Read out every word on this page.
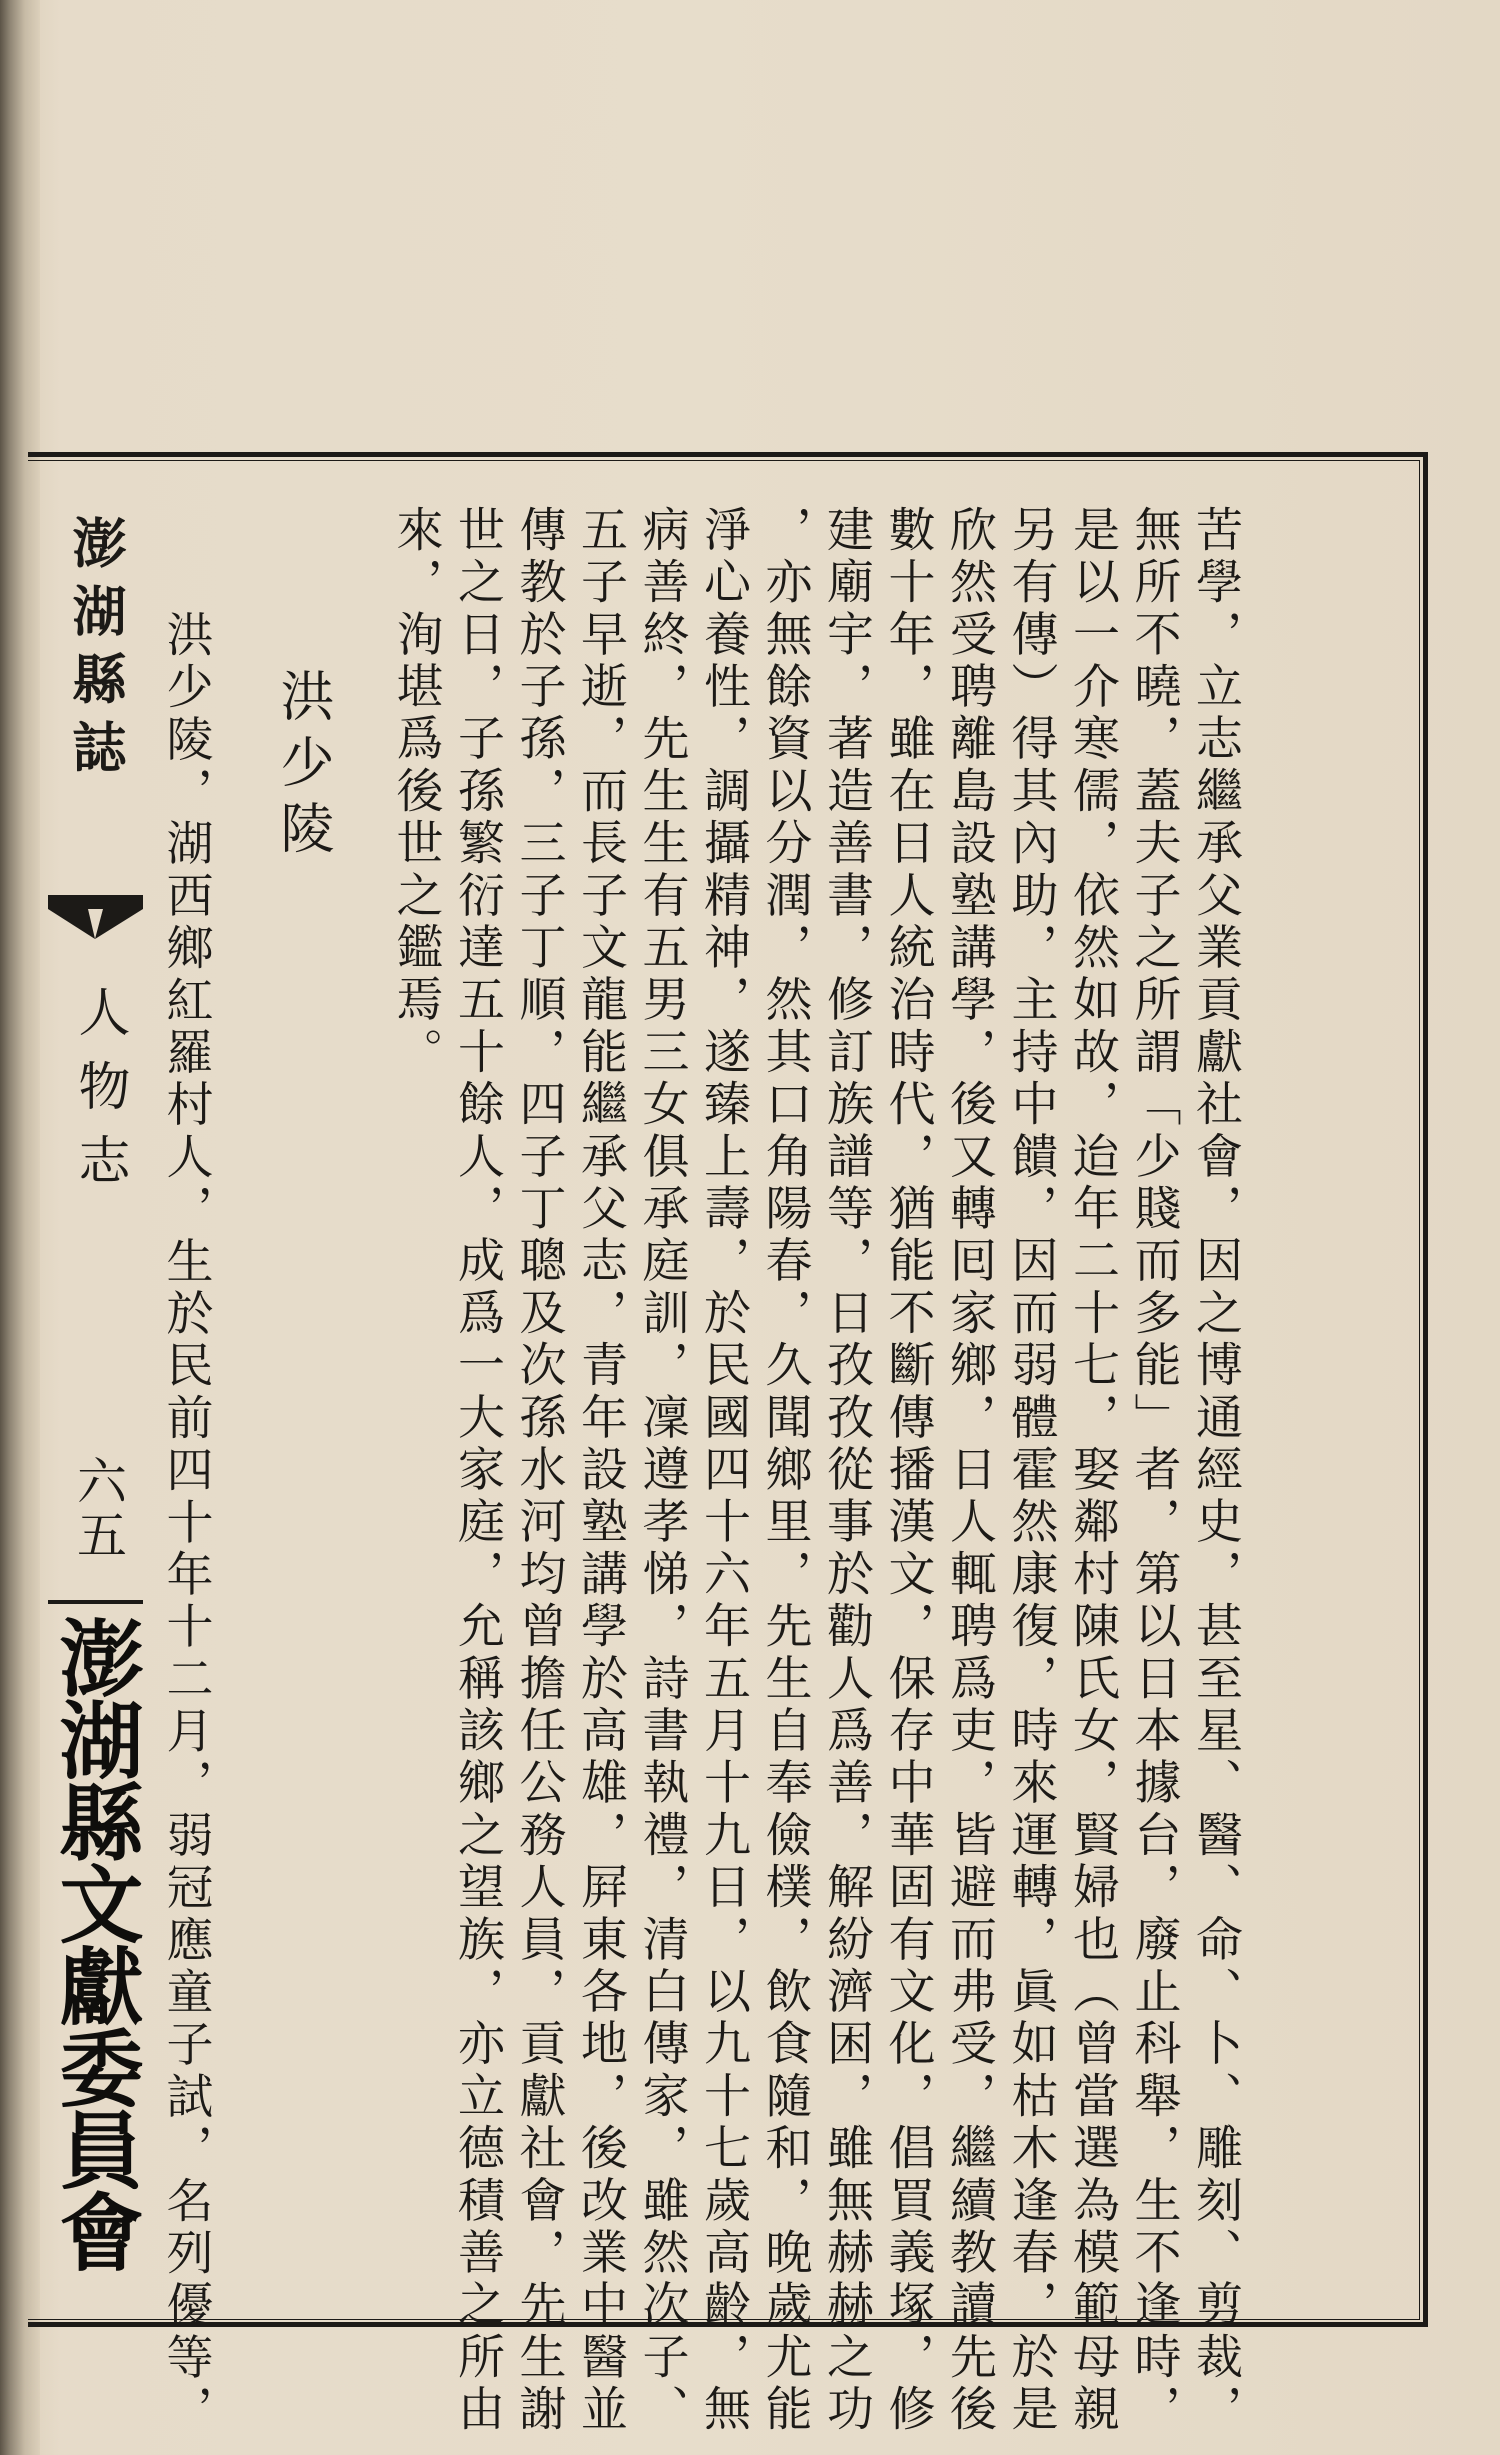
澎湖縣誌
人物志
六五
澎湖縣文獻委員會	苦學，立志繼承父業貢獻社會，因之博通經史，甚至星、醫、命、卜、雕刻、剪裁，
無所不曉，蓋夫子之所謂「少賤而多能」者，第以日本據台，廢止科舉，生不逢時，
是以一介寒儒，依然如故，迨年二十七，娶鄰村陳氏女，賢婦也（曾當選為模範母親
另有傳）得其內助，主持中饋，因而弱體霍然康復，時來運轉，眞如枯木逢春，於是
欣然受聘離島設塾講學，後又轉囘家鄉，日人輒聘爲吏，皆避而弗受，繼續教讀先後
數十年，雖在日人統治時代，猶能不斷傳播漢文，保存中華固有文化，倡買義塚，修
建廟宇，著造善書，修訂族譜等，日孜孜從事於勸人爲善，解紛濟困，雖無赫赫之功
，亦無餘資以分潤，然其口角陽春，久聞鄉里，先生自奉儉樸，飲食隨和，晚歲尤能
淨心養性，調攝精神，遂臻上壽，於民國四十六年五月十九日，以九十七歲高齡，無
病善終，先生生有五男三女俱承庭訓，凜遵孝悌，詩書執禮，清白傳家，雖然次子、
五子早逝，而長子文龍能繼承父志，青年設塾講學於高雄，屛東各地，後改業中醫並
傳教於子孫，三子丁順，四子丁聰及次孫水河均曾擔任公務人員，貢獻社會，先生謝
世之日，子孫繁衍達五十餘人，成爲一大家庭，允稱該鄉之望族，亦立德積善之所由
來，洵堪爲後世之鑑焉。
洪少陵
洪少陵，湖西鄉紅羅村人，生於民前四十年十二月，弱冠應童子試，名列優等，
